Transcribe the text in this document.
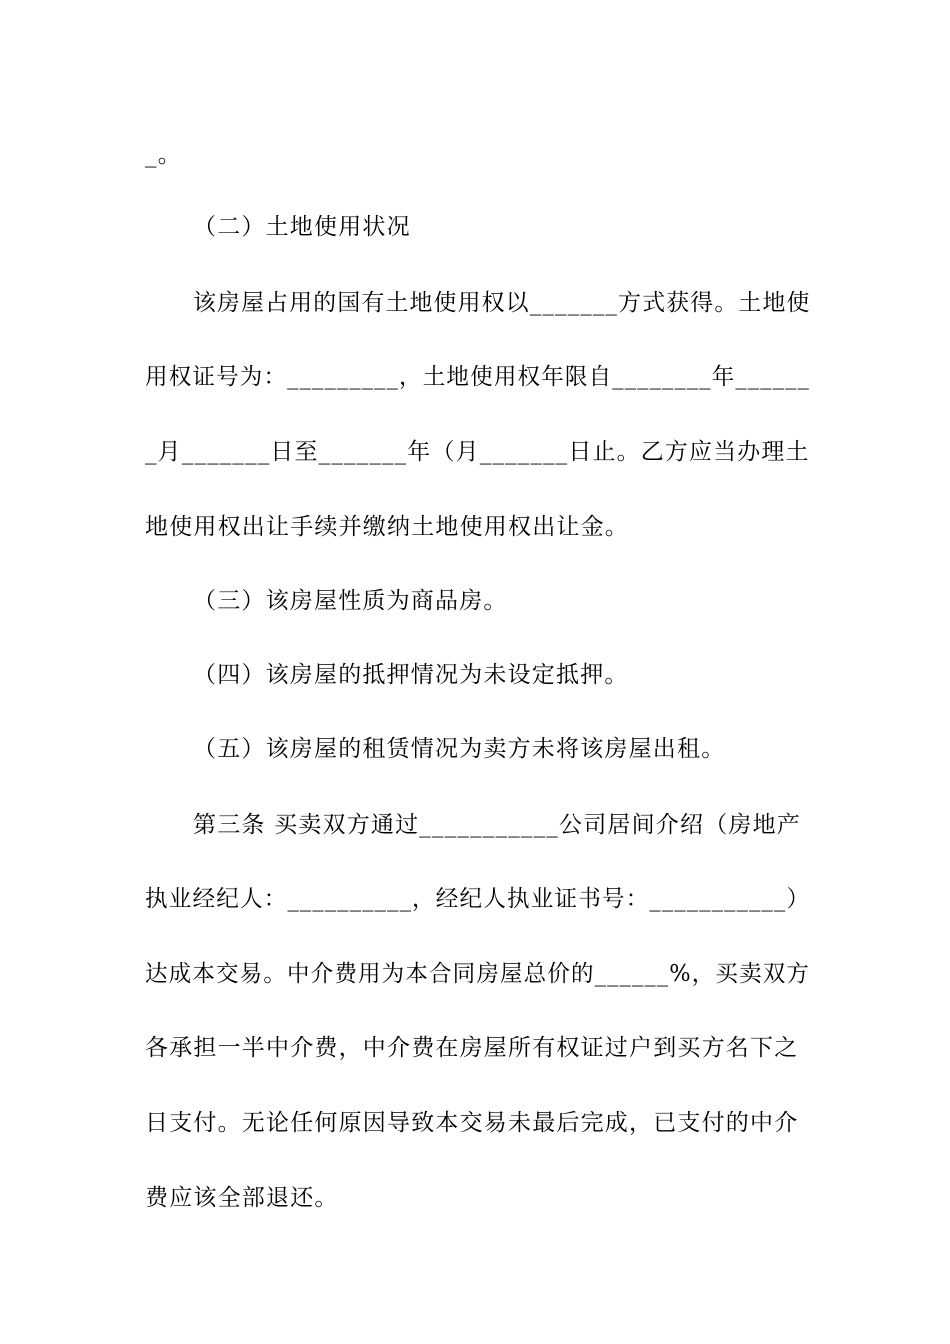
_。
（二）土地使用状况
该房屋占用的国有土地使用权以_______方式获得。土地使
用权证号为：_________，土地使用权年限自________年______
_月_______日至_______年（月_______日止。乙方应当办理土
地使用权出让手续并缴纳土地使用权出让金。
（三）该房屋性质为商品房。
（四）该房屋的抵押情况为未设定抵押。
（五）该房屋的租赁情况为卖方未将该房屋出租。
第三条 买卖双方通过___________公司居间介绍（房地产
执业经纪人：__________，经纪人执业证书号：___________）
达成本交易。中介费用为本合同房屋总价的______%，买卖双方
各承担一半中介费，中介费在房屋所有权证过户到买方名下之
日支付。无论任何原因导致本交易未最后完成，已支付的中介
费应该全部退还。
